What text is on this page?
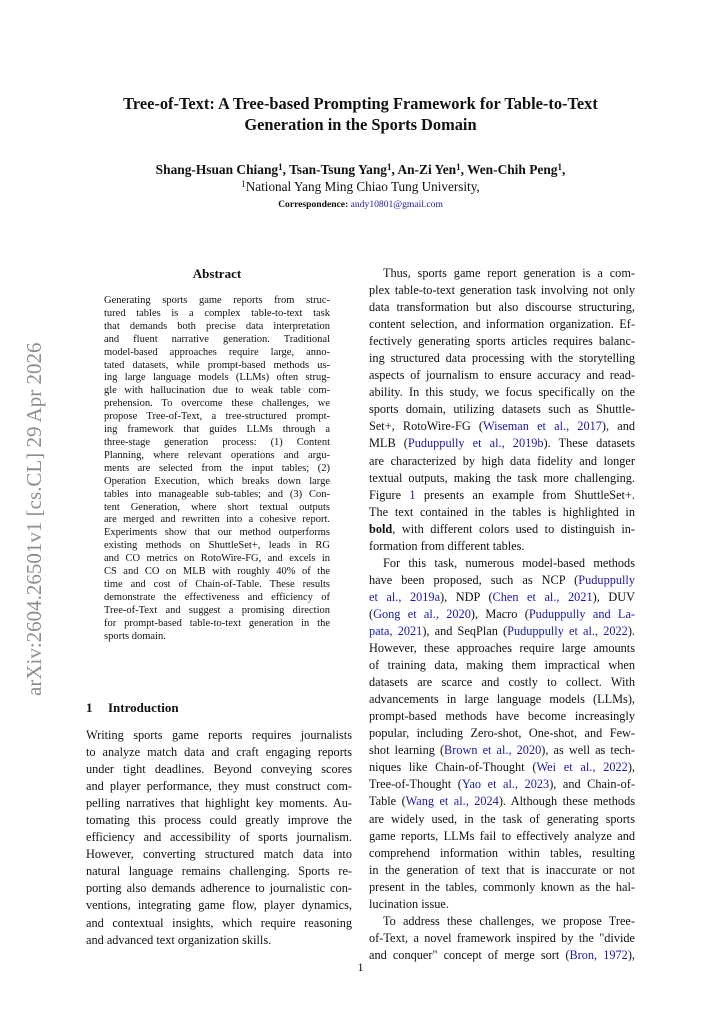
arXiv:2604.26501v1 [cs.CL] 29 Apr 2026
Tree-of-Text: A Tree-based Prompting Framework for Table-to-Text
Generation in the Sports Domain
Shang-Hsuan Chiang$^1$, Tsan-Tsung Yang$^1$, An-Zi Yen$^1$, Wen-Chih Peng$^1$,
$^1$National Yang Ming Chiao Tung University,
Correspondence: andy10801@gmail.com
Abstract
Generating sports game reports from struc-
tured tables is a complex table-to-text task
that demands both precise data interpretation
and fluent narrative generation. Traditional
model-based approaches require large, anno-
tated datasets, while prompt-based methods us-
ing large language models (LLMs) often strug-
gle with hallucination due to weak table com-
prehension. To overcome these challenges, we
propose Tree-of-Text, a tree-structured prompt-
ing framework that guides LLMs through a
three-stage generation process: (1) Content
Planning, where relevant operations and argu-
ments are selected from the input tables; (2)
Operation Execution, which breaks down large
tables into manageable sub-tables; and (3) Con-
tent Generation, where short textual outputs
are merged and rewritten into a cohesive report.
Experiments show that our method outperforms
existing methods on ShuttleSet+, leads in RG
and CO metrics on RotoWire-FG, and excels in
CS and CO on MLB with roughly 40% of the
time and cost of Chain-of-Table. These results
demonstrate the effectiveness and efficiency of
Tree-of-Text and suggest a promising direction
for prompt-based table-to-text generation in the
sports domain.
1 Introduction
Writing sports game reports requires journalists
to analyze match data and craft engaging reports
under tight deadlines. Beyond conveying scores
and player performance, they must construct com-
pelling narratives that highlight key moments. Au-
tomating this process could greatly improve the
efficiency and accessibility of sports journalism.
However, converting structured match data into
natural language remains challenging. Sports re-
porting also demands adherence to journalistic con-
ventions, integrating game flow, player dynamics,
and contextual insights, which require reasoning
and advanced text organization skills.
Thus, sports game report generation is a com-
plex table-to-text generation task involving not only
data transformation but also discourse structuring,
content selection, and information organization. Ef-
fectively generating sports articles requires balanc-
ing structured data processing with the storytelling
aspects of journalism to ensure accuracy and read-
ability. In this study, we focus specifically on the
sports domain, utilizing datasets such as Shuttle-
Set+, RotoWire-FG (Wiseman et al., 2017), and
MLB (Puduppully et al., 2019b). These datasets
are characterized by high data fidelity and longer
textual outputs, making the task more challenging.
Figure 1 presents an example from ShuttleSet+.
The text contained in the tables is highlighted in
bold, with different colors used to distinguish in-
formation from different tables.
For this task, numerous model-based methods
have been proposed, such as NCP (Puduppully
et al., 2019a), NDP (Chen et al., 2021), DUV
(Gong et al., 2020), Macro (Puduppully and La-
pata, 2021), and SeqPlan (Puduppully et al., 2022).
However, these approaches require large amounts
of training data, making them impractical when
datasets are scarce and costly to collect. With
advancements in large language models (LLMs),
prompt-based methods have become increasingly
popular, including Zero-shot, One-shot, and Few-
shot learning (Brown et al., 2020), as well as tech-
niques like Chain-of-Thought (Wei et al., 2022),
Tree-of-Thought (Yao et al., 2023), and Chain-of-
Table (Wang et al., 2024). Although these methods
are widely used, in the task of generating sports
game reports, LLMs fail to effectively analyze and
comprehend information within tables, resulting
in the generation of text that is inaccurate or not
present in the tables, commonly known as the hal-
lucination issue.
To address these challenges, we propose Tree-
of-Text, a novel framework inspired by the "divide
and conquer" concept of merge sort (Bron, 1972),
1
